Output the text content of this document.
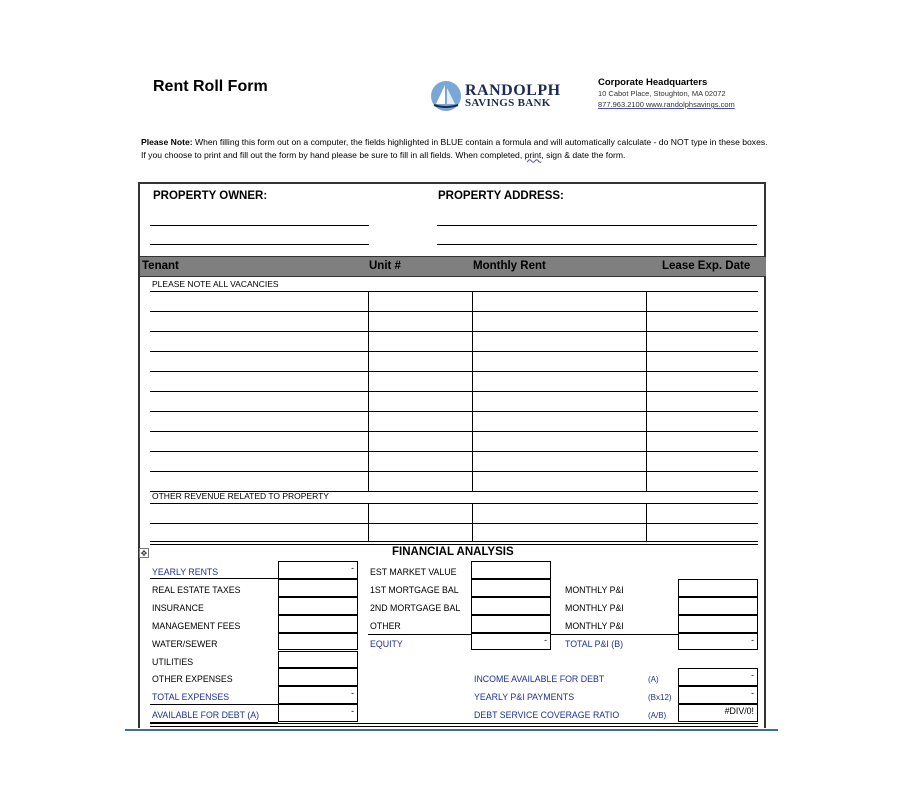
Rent Roll Form	RANDOLPH
SAVINGS BANK
Corporate Headquarters
10 Cabot Place, Stoughton, MA 02072
877.963.2100 www.randolphsavings.com
Please Note: When filling this form out on a computer, the fields highlighted in BLUE contain a formula and will automatically calculate - do NOT type in these boxes. If you choose to print and fill out the form by hand please be sure to fill in all fields. When completed, print, sign & date the form.
PROPERTY OWNER:	PROPERTY ADDRESS:
Tenant	Unit #	Monthly Rent	Lease Exp. Date
PLEASE NOTE ALL VACANCIES
OTHER REVENUE RELATED TO PROPERTY
✥	FINANCIAL ANALYSIS
YEARLY RENTS	-
REAL ESTATE TAXES
INSURANCE
MANAGEMENT FEES
WATER/SEWER
UTILITIES
OTHER EXPENSES
TOTAL EXPENSES	-
AVAILABLE FOR DEBT (A)	-
EST MARKET VALUE
1ST MORTGAGE BAL
2ND MORTGAGE BAL
OTHER
EQUITY	-
MONTHLY P&I
MONTHLY P&I
MONTHLY P&I
TOTAL P&I (B)	-
INCOME AVAILABLE FOR DEBT	(A)	-
YEARLY P&I PAYMENTS	(Bx12)	-
DEBT SERVICE COVERAGE RATIO	(A/B)	#DIV/0!
